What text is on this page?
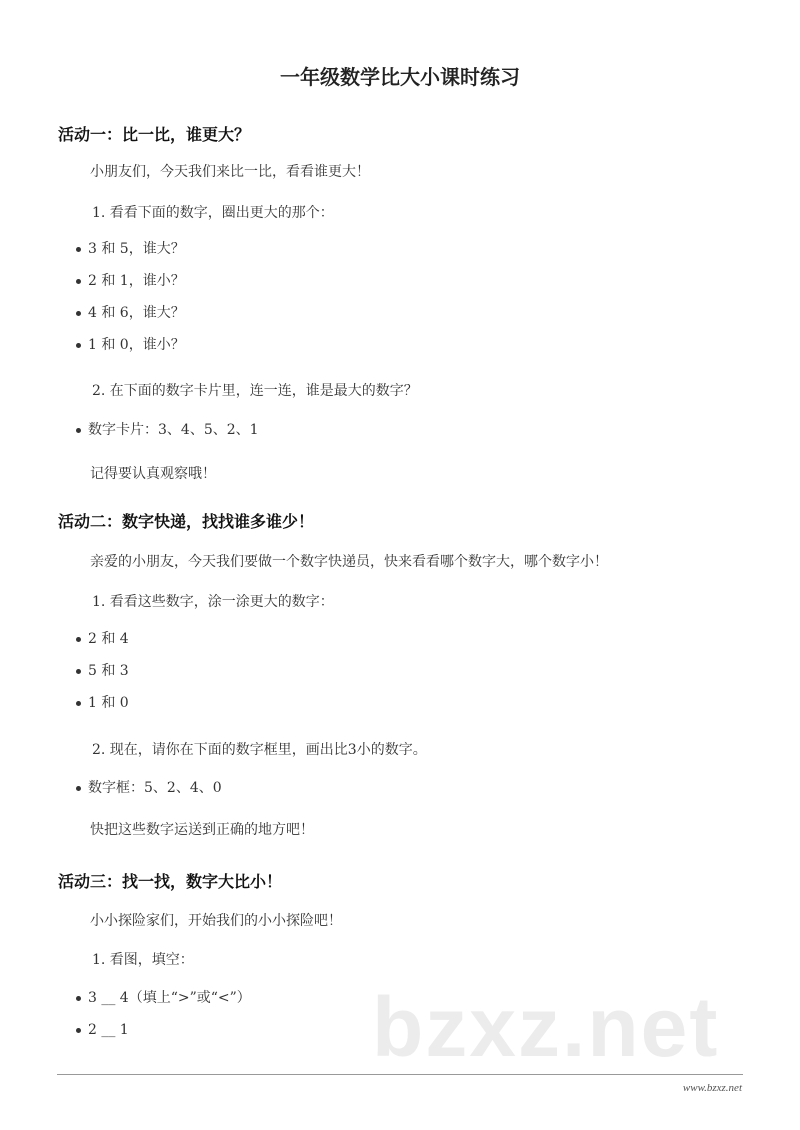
bzxz.net
一年级数学比大小课时练习
活动一：比一比，谁更大？
小朋友们，今天我们来比一比，看看谁更大！
1. 看看下面的数字，圈出更大的那个：
3 和 5，谁大？
2 和 1，谁小？
4 和 6，谁大？
1 和 0，谁小？
2. 在下面的数字卡片里，连一连，谁是最大的数字？
数字卡片：3、4、5、2、1
记得要认真观察哦！
活动二：数字快递，找找谁多谁少！
亲爱的小朋友，今天我们要做一个数字快递员，快来看看哪个数字大，哪个数字小！
1. 看看这些数字，涂一涂更大的数字：
2 和 4
5 和 3
1 和 0
2. 现在，请你在下面的数字框里，画出比3小的数字。
数字框：5、2、4、0
快把这些数字运送到正确的地方吧！
活动三：找一找，数字大比小！
小小探险家们，开始我们的小小探险吧！
1. 看图，填空：
3 __ 4（填上“>”或“<”）
2 __ 1
www.bzxz.net
